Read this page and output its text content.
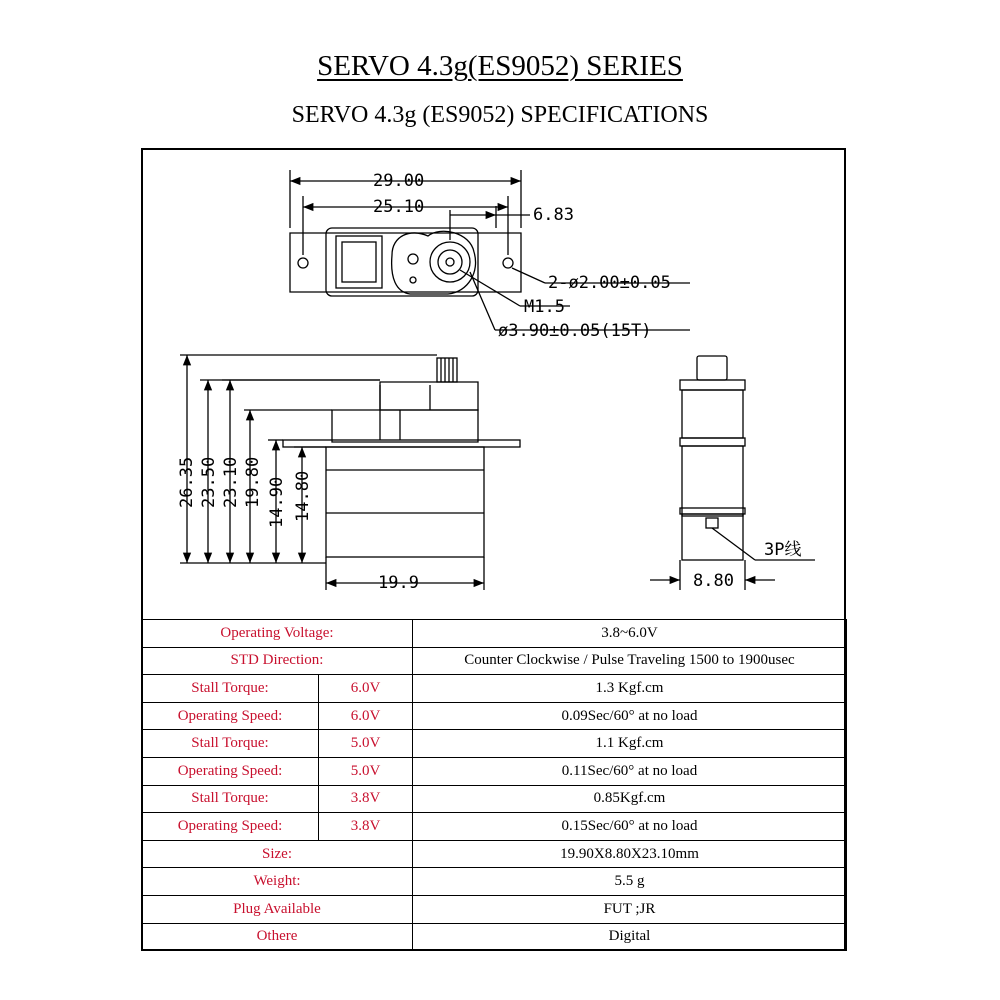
SERVO 4.3g(ES9052) SERIES
SERVO 4.3g (ES9052) SPECIFICATIONS
29.00
25.10	6.83
2-ø2.00±0.05
M1.5
ø3.90±0.05(15T)
26.35 23.50 23.10 19.80 14.90 14.80
19.9	8.80
3P线
Operating Voltage:		3.8~6.0V
STD Direction:		Counter Clockwise / Pulse Traveling 1500 to 1900usec
Stall Torque:	6.0V	1.3 Kgf.cm
Operating Speed:	6.0V	0.09Sec/60° at no load
Stall Torque:	5.0V	1.1 Kgf.cm
Operating Speed:	5.0V	0.11Sec/60° at no load
Stall Torque:	3.8V	0.85Kgf.cm
Operating Speed:	3.8V	0.15Sec/60° at no load
Size:		19.90X8.80X23.10mm
Weight:		5.5 g
Plug Available		FUT ;JR
Othere		Digital
